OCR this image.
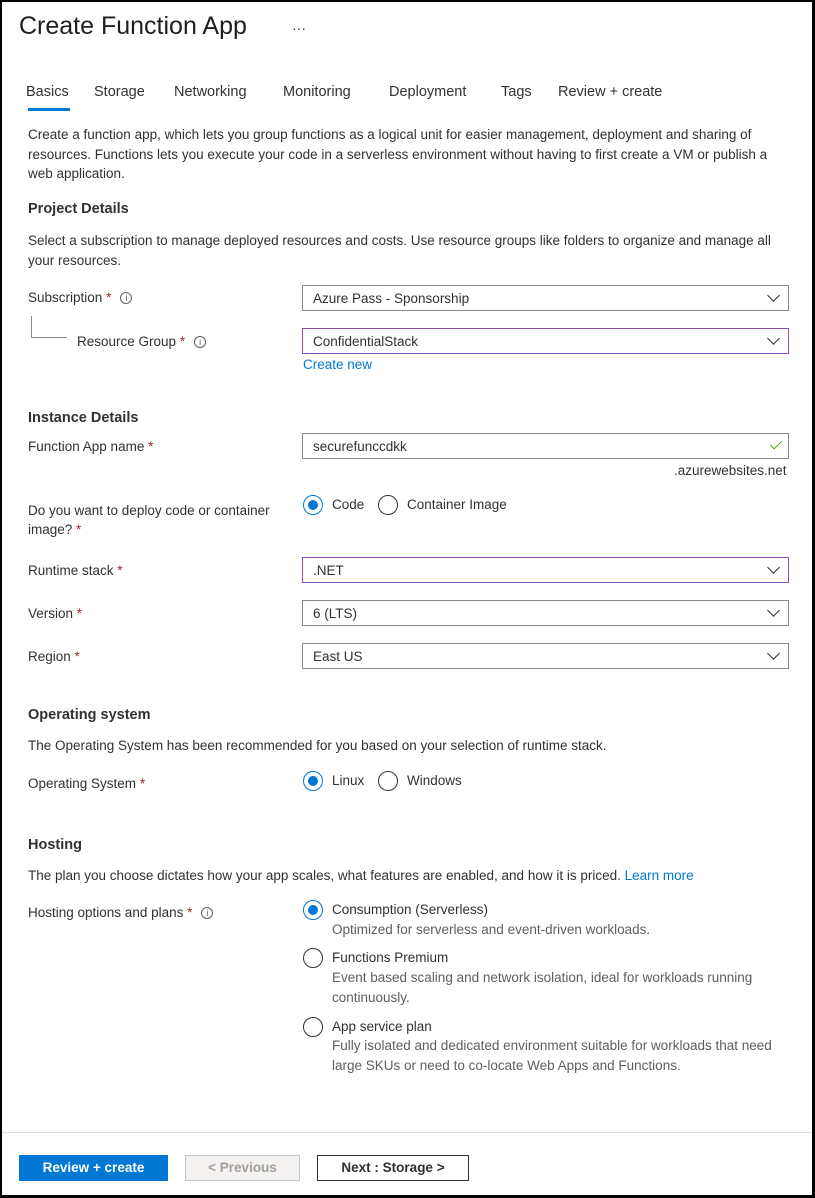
Create Function App	···
Basics Storage Networking	Monitoring	Deployment Tags Review + create
Create a function app, which lets you group functions as a logical unit for easier management, deployment and sharing of resources. Functions lets you execute your code in a serverless environment without having to first create a VM or publish a web application.
Project Details
Select a subscription to manage deployed resources and costs. Use resource groups like folders to organize and manage all your resources.
Subscription * i	Azure Pass - Sponsorship
Resource Group * i	ConfidentialStack
Create new
Instance Details
Function App name *	securefunccdkk
.azurewebsites.net
Do you want to deploy code or container image? *
Code	Container Image
Runtime stack *	.NET
Version *	6 (LTS)
Region *	East US
Operating system
The Operating System has been recommended for you based on your selection of runtime stack.
Operating System *	Linux	Windows
Hosting
The plan you choose dictates how your app scales, what features are enabled, and how it is priced. Learn more
Hosting options and plans * i	Consumption (Serverless)
Optimized for serverless and event-driven workloads.
Functions Premium
Event based scaling and network isolation, ideal for workloads running continuously.
App service plan
Fully isolated and dedicated environment suitable for workloads that need large SKUs or need to co-locate Web Apps and Functions.
Review + create	< Previous	Next : Storage >
